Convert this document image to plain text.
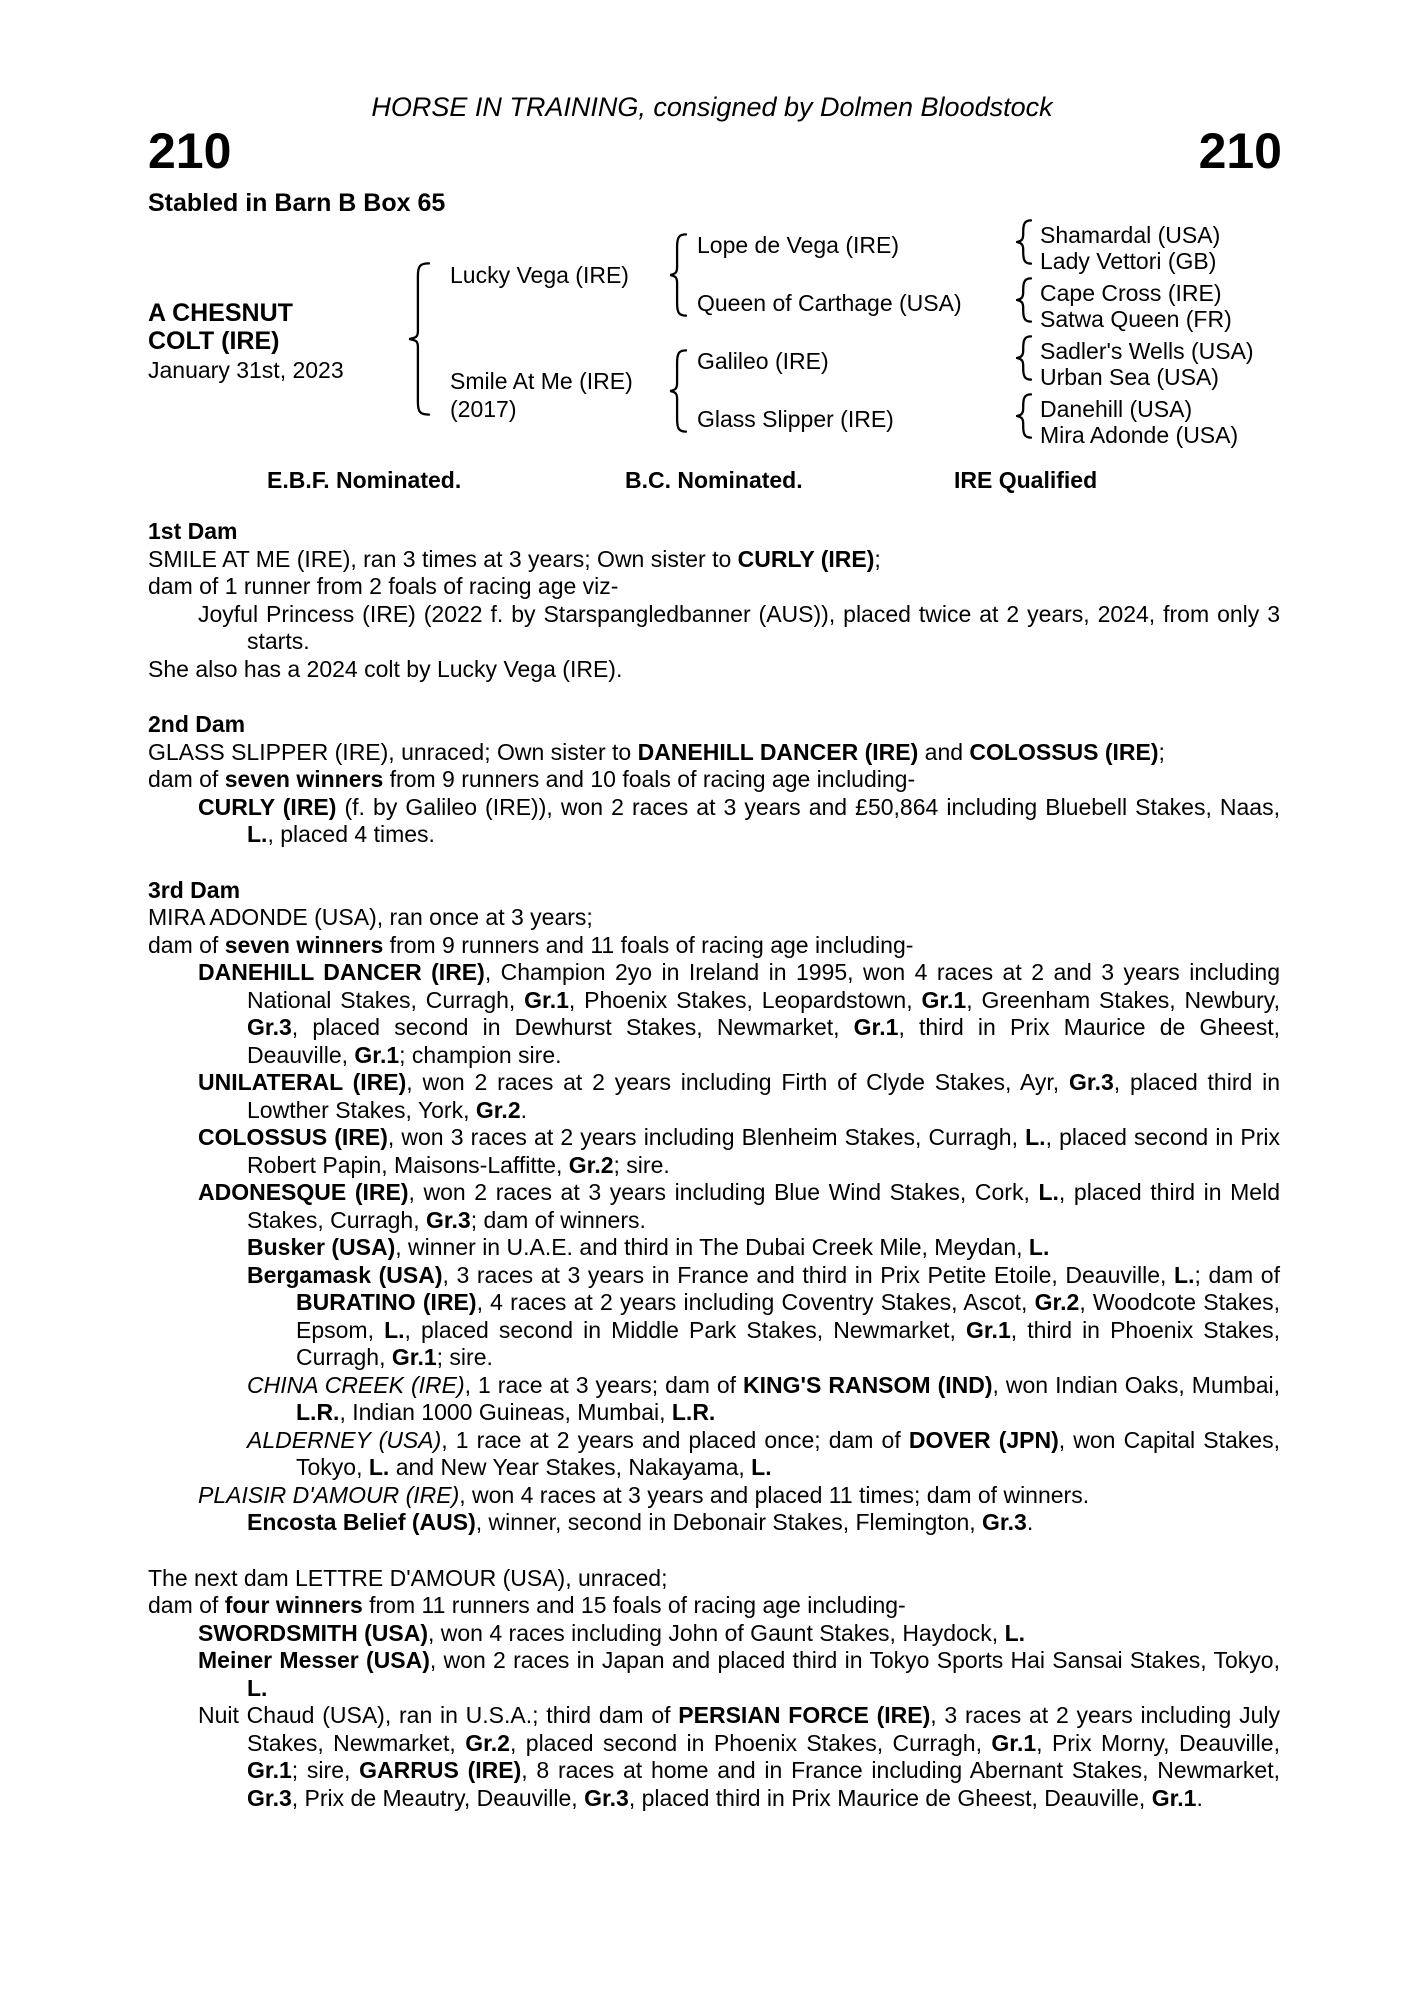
HORSE IN TRAINING, consigned by Dolmen Bloodstock
210	210
Stabled in Barn B Box 65
A CHESNUT
COLT (IRE)
January 31st, 2023
Lucky Vega (IRE)
Smile At Me (IRE)
(2017)
Lope de Vega (IRE)
Queen of Carthage (USA)
Galileo (IRE)
Glass Slipper (IRE)
Shamardal (USA)
Lady Vettori (GB)
Cape Cross (IRE)
Satwa Queen (FR)
Sadler's Wells (USA)
Urban Sea (USA)
Danehill (USA)
Mira Adonde (USA)
E.B.F. Nominated.	B.C. Nominated.	IRE Qualified

1st Dam

SMILE AT ME (IRE), ran 3 times at 3 years; Own sister to CURLY (IRE);

dam of 1 runner from 2 foals of racing age viz-

Joyful Princess (IRE) (2022 f. by Starspangledbanner (AUS)), placed twice at 2 years, 2024, from only 3 starts.

She also has a 2024 colt by Lucky Vega (IRE).

2nd Dam

GLASS SLIPPER (IRE), unraced; Own sister to DANEHILL DANCER (IRE) and COLOSSUS (IRE);

dam of seven winners from 9 runners and 10 foals of racing age including-

CURLY (IRE) (f. by Galileo (IRE)), won 2 races at 3 years and £50,864 including Bluebell Stakes, Naas, L., placed 4 times.

3rd Dam

MIRA ADONDE (USA), ran once at 3 years;

dam of seven winners from 9 runners and 11 foals of racing age including-

DANEHILL DANCER (IRE), Champion 2yo in Ireland in 1995, won 4 races at 2 and 3 years including National Stakes, Curragh, Gr.1, Phoenix Stakes, Leopardstown, Gr.1, Greenham Stakes, Newbury, Gr.3, placed second in Dewhurst Stakes, Newmarket, Gr.1, third in Prix Maurice de Gheest, Deauville, Gr.1; champion sire.

UNILATERAL (IRE), won 2 races at 2 years including Firth of Clyde Stakes, Ayr, Gr.3, placed third in Lowther Stakes, York, Gr.2.

COLOSSUS (IRE), won 3 races at 2 years including Blenheim Stakes, Curragh, L., placed second in Prix Robert Papin, Maisons-Laffitte, Gr.2; sire.

ADONESQUE (IRE), won 2 races at 3 years including Blue Wind Stakes, Cork, L., placed third in Meld Stakes, Curragh, Gr.3; dam of winners.

Busker (USA), winner in U.A.E. and third in The Dubai Creek Mile, Meydan, L.

Bergamask (USA), 3 races at 3 years in France and third in Prix Petite Etoile, Deauville, L.; dam of BURATINO (IRE), 4 races at 2 years including Coventry Stakes, Ascot, Gr.2, Woodcote Stakes, Epsom, L., placed second in Middle Park Stakes, Newmarket, Gr.1, third in Phoenix Stakes, Curragh, Gr.1; sire.

CHINA CREEK (IRE), 1 race at 3 years; dam of KING'S RANSOM (IND), won Indian Oaks, Mumbai, L.R., Indian 1000 Guineas, Mumbai, L.R.

ALDERNEY (USA), 1 race at 2 years and placed once; dam of DOVER (JPN), won Capital Stakes, Tokyo, L. and New Year Stakes, Nakayama, L.

PLAISIR D'AMOUR (IRE), won 4 races at 3 years and placed 11 times; dam of winners.

Encosta Belief (AUS), winner, second in Debonair Stakes, Flemington, Gr.3.

The next dam LETTRE D'AMOUR (USA), unraced;

dam of four winners from 11 runners and 15 foals of racing age including-

SWORDSMITH (USA), won 4 races including John of Gaunt Stakes, Haydock, L.

Meiner Messer (USA), won 2 races in Japan and placed third in Tokyo Sports Hai Sansai Stakes, Tokyo, L.

Nuit Chaud (USA), ran in U.S.A.; third dam of PERSIAN FORCE (IRE), 3 races at 2 years including July Stakes, Newmarket, Gr.2, placed second in Phoenix Stakes, Curragh, Gr.1, Prix Morny, Deauville, Gr.1; sire, GARRUS (IRE), 8 races at home and in France including Abernant Stakes, Newmarket, Gr.3, Prix de Meautry, Deauville, Gr.3, placed third in Prix Maurice de Gheest, Deauville, Gr.1.
